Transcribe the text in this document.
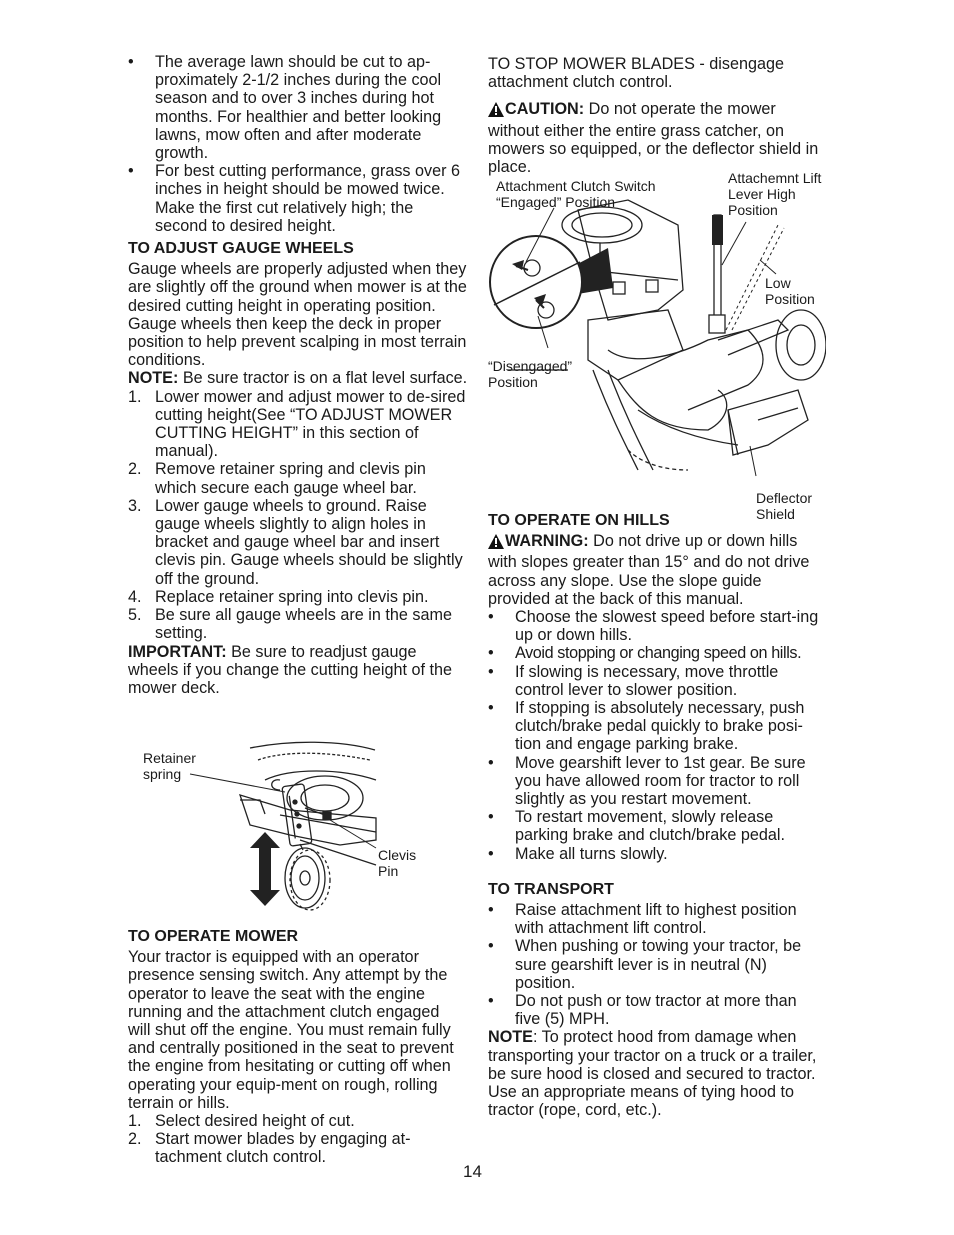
• The average lawn should be cut to ap-proximately 2-1/2 inches during the cool season and to over 3 inches during hot months. For healthier and better looking lawns, mow often and after moderate growth.
• For best cutting performance, grass over 6 inches in height should be mowed twice. Make the first cut relatively high; the second to desired height.
TO ADJUST GAUGE WHEELS

Gauge wheels are properly adjusted when they are slightly off the ground when mower is at the desired cutting height in operating position. Gauge wheels then keep the deck in proper position to help prevent scalping in most terrain conditions.

NOTE: Be sure tractor is on a flat level surface.

1. Lower mower and adjust mower to de-sired cutting height(See “TO ADJUST MOWER CUTTING HEIGHT” in this section of manual).
2. Remove retainer spring and clevis pin which secure each gauge wheel bar.
3. Lower gauge wheels to ground. Raise gauge wheels slightly to align holes in bracket and gauge wheel bar and insert clevis pin. Gauge wheels should be slightly off the ground.
4. Replace retainer spring into clevis pin.
5. Be sure all gauge wheels are in the same setting.

IMPORTANT: Be sure to readjust gauge wheels if you change the cutting height of the mower deck.

Retainer spring
Clevis Pin
TO OPERATE MOWER

Your tractor is equipped with an operator presence sensing switch. Any attempt by the operator to leave the seat with the engine running and the attachment clutch engaged will shut off the engine. You must remain fully and centrally positioned in the seat to prevent the engine from hesitating or cutting off when operating your equip-ment on rough, rolling terrain or hills.

1. Select desired height of cut.
2. Start mower blades by engaging at-tachment clutch control.

TO STOP MOWER BLADES - disengage attachment clutch control.

CAUTION: Do not operate the mower without either the entire grass catcher, on mowers so equipped, or the deflector shield in place.

Attachment Clutch Switch “Engaged” Position
Attachemnt Lift Lever High Position
Low Position
“Disengaged” Position
Deflector Shield
TO OPERATE ON HILLS

WARNING: Do not drive up or down hills with slopes greater than 15° and do not drive across any slope. Use the slope guide provided at the back of this manual.

• Choose the slowest speed before start-ing up or down hills.
• Avoid stopping or changing speed on hills.
• If slowing is necessary, move throttle control lever to slower position.
• If stopping is absolutely necessary, push clutch/brake pedal quickly to brake posi-tion and engage parking brake.
• Move gearshift lever to 1st gear. Be sure you have allowed room for tractor to roll slightly as you restart movement.
• To restart movement, slowly release parking brake and clutch/brake pedal.
• Make all turns slowly.
TO TRANSPORT
• Raise attachment lift to highest position with attachment lift control.
• When pushing or towing your tractor, be sure gearshift lever is in neutral (N) position.
• Do not push or tow tractor at more than five (5) MPH.

NOTE: To protect hood from damage when transporting your tractor on a truck or a trailer, be sure hood is closed and secured to tractor. Use an appropriate means of tying hood to tractor (rope, cord, etc.).

14
